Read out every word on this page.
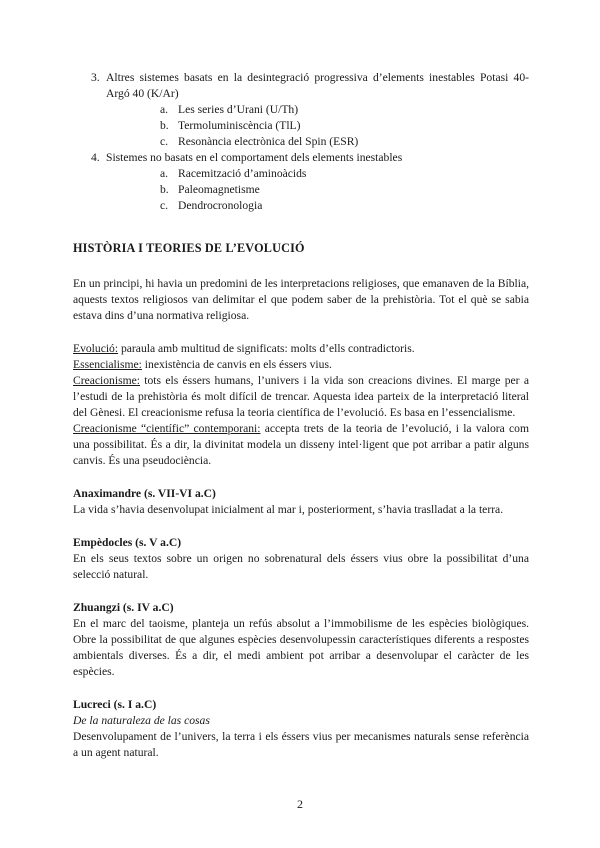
3. Altres sistemes basats en la desintegració progressiva d’elements inestables Potasi 40-Argó 40 (K/Ar)
a. Les series d’Urani (U/Th)
b. Termoluminiscència (TlL)
c. Resonància electrònica del Spin (ESR)
4. Sistemes no basats en el comportament dels elements inestables
a. Racemització d’aminoàcids
b. Paleomagnetisme
c. Dendrocronologia
HISTÒRIA I TEORIES DE L’EVOLUCIÓ

En un principi, hi havia un predomini de les interpretacions religioses, que emanaven de la Bíblia, aquests textos religiosos van delimitar el que podem saber de la prehistòria. Tot el què se sabia estava dins d’una normativa religiosa.

Evolució: paraula amb multitud de significats: molts d’ells contradictoris.

Essencialisme: inexistència de canvis en els éssers vius.

Creacionisme: tots els éssers humans, l’univers i la vida son creacions divines. El marge per a l’estudi de la prehistòria és molt difícil de trencar. Aquesta idea parteix de la interpretació literal del Gènesi. El creacionisme refusa la teoria científica de l’evolució. Es basa en l’essencialisme.

Creacionisme “científic” contemporani: accepta trets de la teoria de l’evolució, i la valora com una possibilitat. És a dir, la divinitat modela un disseny intel·ligent que pot arribar a patir alguns canvis. És una pseudociència.

Anaximandre (s. VII-VI a.C)

La vida s’havia desenvolupat inicialment al mar i, posteriorment, s’havia traslladat a la terra.

Empèdocles (s. V a.C)

En els seus textos sobre un origen no sobrenatural dels éssers vius obre la possibilitat d’una selecció natural.

Zhuangzi (s. IV a.C)

En el marc del taoisme, planteja un refús absolut a l’immobilisme de les espècies biològiques. Obre la possibilitat de que algunes espècies desenvolupessin característiques diferents a respostes ambientals diverses. És a dir, el medi ambient pot arribar a desenvolupar el caràcter de les espècies.

Lucreci (s. I a.C)
De la naturaleza de las cosas

Desenvolupament de l’univers, la terra i els éssers vius per mecanismes naturals sense referència a un agent natural.

2
